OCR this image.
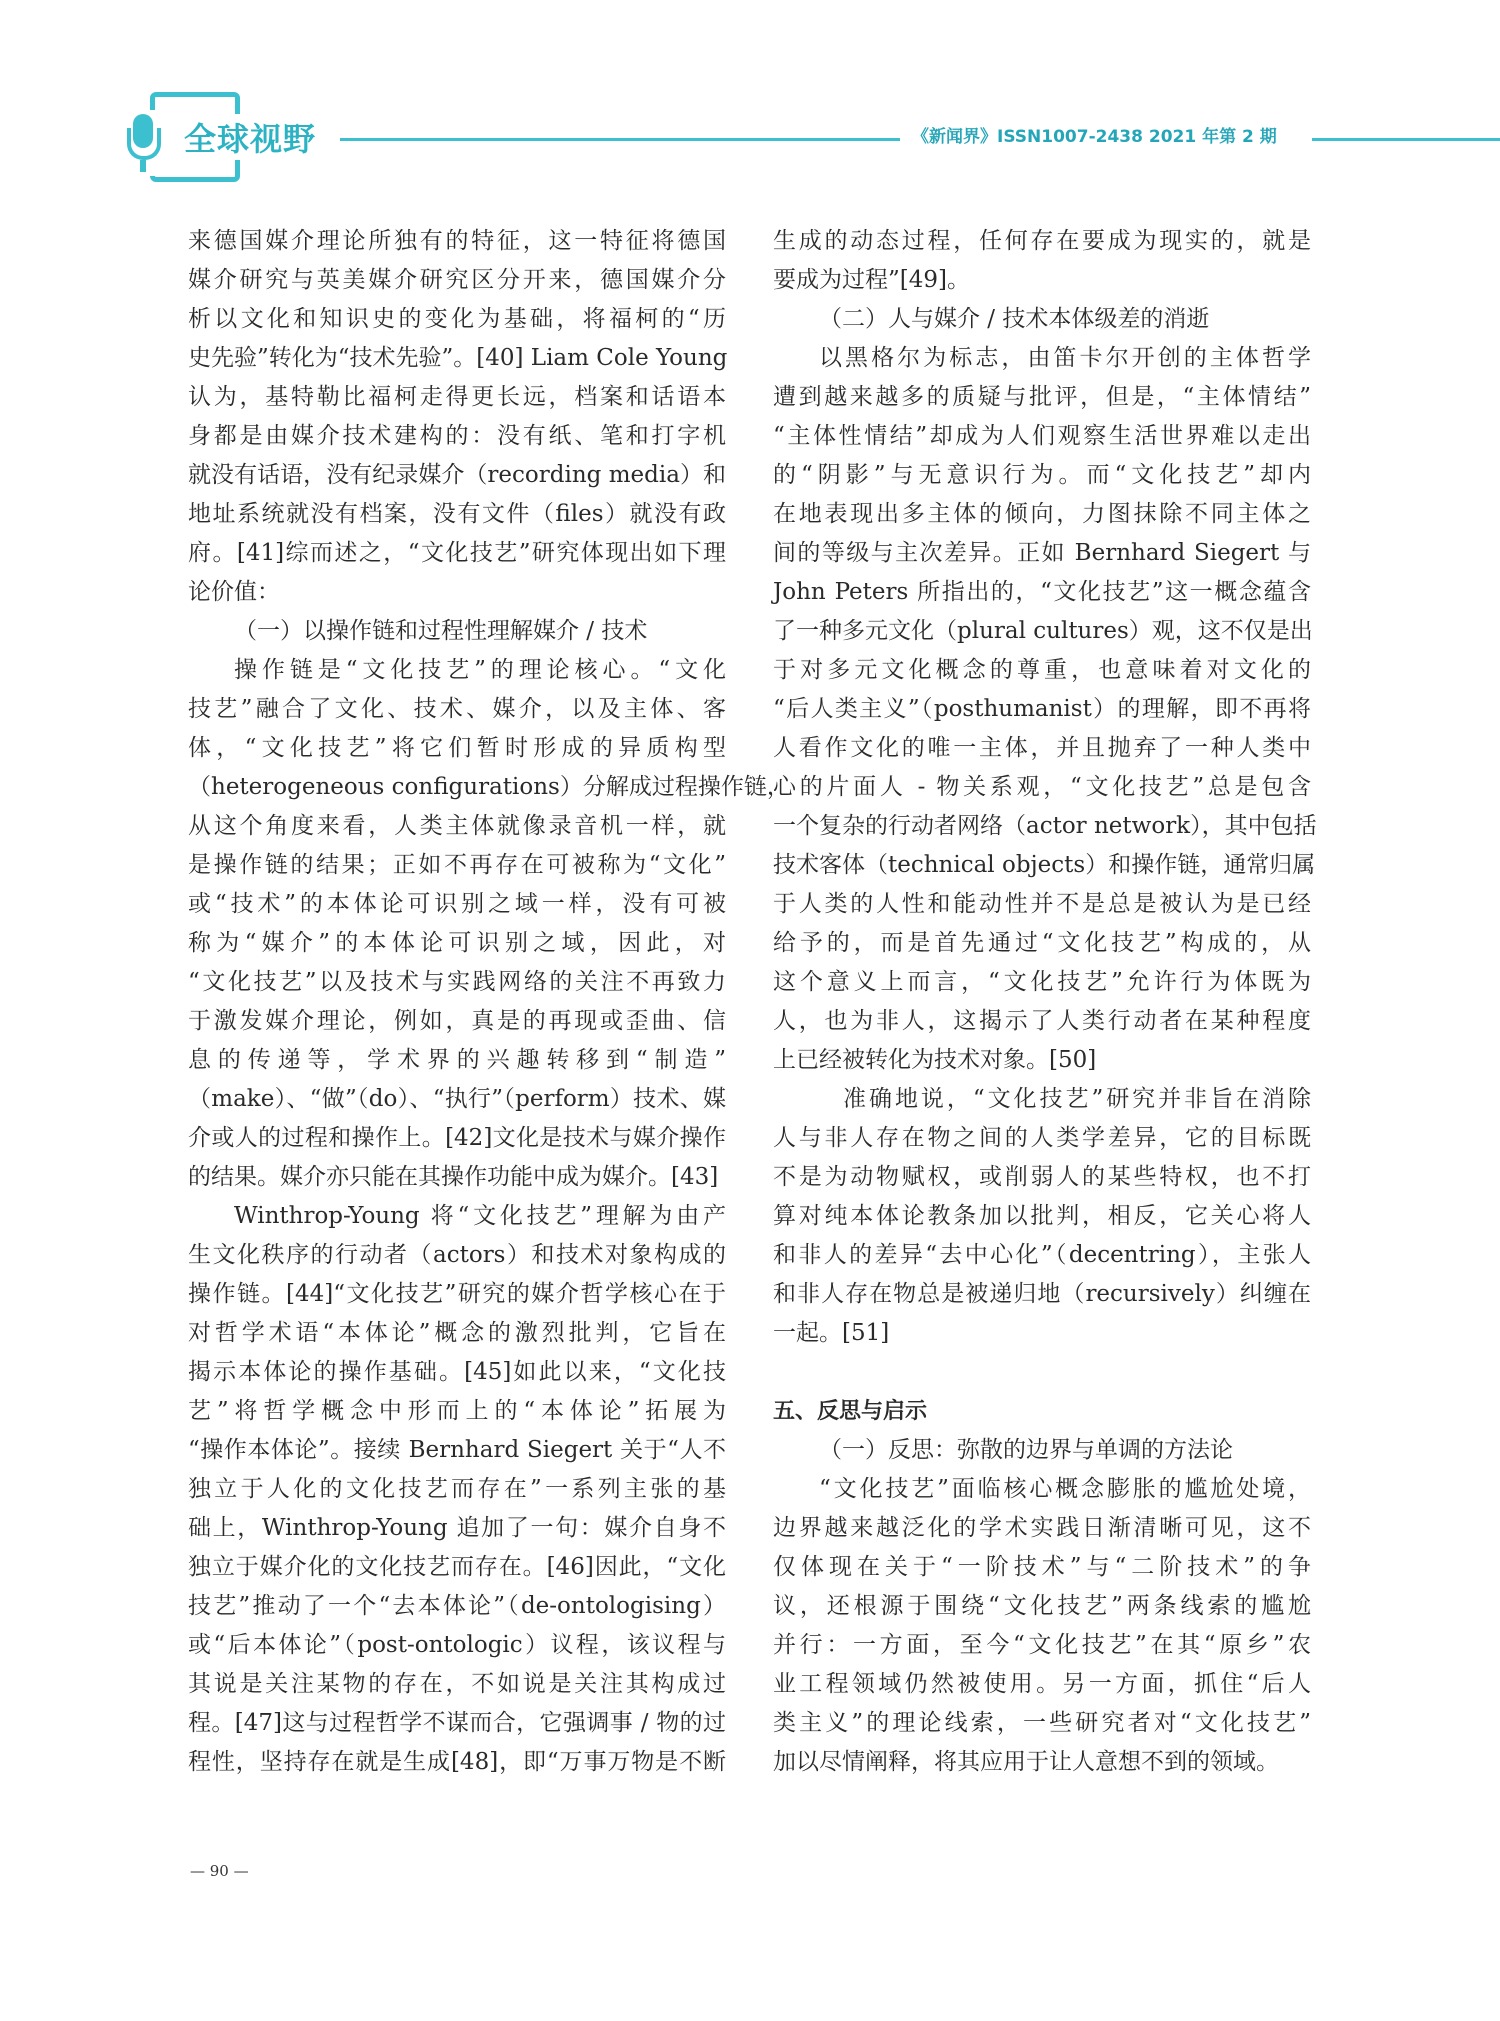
全球视野	《新闻界》ISSN1007-2438 2021 年第 2 期
来德国媒介理论所独有的特征，这一特征将德国
媒介研究与英美媒介研究区分开来，德国媒介分
析以文化和知识史的变化为基础，将福柯的“历
史先验”转化为“技术先验”。[40] Liam Cole Young
认为，基特勒比福柯走得更长远，档案和话语本
身都是由媒介技术建构的：没有纸、笔和打字机
就没有话语，没有纪录媒介（recording media）和
地址系统就没有档案，没有文件（files）就没有政
府。[41]综而述之，“文化技艺”研究体现出如下理
论价值：
（一）以操作链和过程性理解媒介 / 技术
操作链是“文化技艺”的理论核心。“文化
技艺”融合了文化、技术、媒介，以及主体、客
体，“文化技艺”将它们暂时形成的异质构型
（heterogeneous configurations）分解成过程操作链，
从这个角度来看，人类主体就像录音机一样，就
是操作链的结果；正如不再存在可被称为“文化”
或“技术”的本体论可识别之域一样，没有可被
称为“媒介”的本体论可识别之域，因此，对
“文化技艺”以及技术与实践网络的关注不再致力
于激发媒介理论，例如，真是的再现或歪曲、信
息的传递等，学术界的兴趣转移到“制造”
（make）、“做”（do）、“执行”（perform）技术、媒
介或人的过程和操作上。[42]文化是技术与媒介操作
的结果。媒介亦只能在其操作功能中成为媒介。[43]
Winthrop-Young 将“文化技艺”理解为由产
生文化秩序的行动者（actors）和技术对象构成的
操作链。[44]“文化技艺”研究的媒介哲学核心在于
对哲学术语“本体论”概念的激烈批判，它旨在
揭示本体论的操作基础。[45]如此以来，“文化技
艺”将哲学概念中形而上的“本体论”拓展为
“操作本体论”。接续 Bernhard Siegert 关于“人不
独立于人化的文化技艺而存在”一系列主张的基
础上，Winthrop-Young 追加了一句：媒介自身不
独立于媒介化的文化技艺而存在。[46]因此，“文化
技艺”推动了一个“去本体论”（de-ontologising）
或“后本体论”（post-ontologic）议程，该议程与
其说是关注某物的存在，不如说是关注其构成过
程。[47]这与过程哲学不谋而合，它强调事 / 物的过
程性，坚持存在就是生成[48]，即“万事万物是不断
生成的动态过程，任何存在要成为现实的，就是
要成为过程”[49]。
（二）人与媒介 / 技术本体级差的消逝
以黑格尔为标志，由笛卡尔开创的主体哲学
遭到越来越多的质疑与批评，但是，“主体情结”
“主体性情结”却成为人们观察生活世界难以走出
的“阴影”与无意识行为。而“文化技艺”却内
在地表现出多主体的倾向，力图抹除不同主体之
间的等级与主次差异。正如 Bernhard Siegert 与
John Peters 所指出的，“文化技艺”这一概念蕴含
了一种多元文化（plural cultures）观，这不仅是出
于对多元文化概念的尊重，也意味着对文化的
“后人类主义”（posthumanist）的理解，即不再将
人看作文化的唯一主体，并且抛弃了一种人类中
心的片面人 - 物关系观，“文化技艺”总是包含
一个复杂的行动者网络（actor network），其中包括
技术客体（technical objects）和操作链，通常归属
于人类的人性和能动性并不是总是被认为是已经
给予的，而是首先通过“文化技艺”构成的，从
这个意义上而言，“文化技艺”允许行为体既为
人，也为非人，这揭示了人类行动者在某种程度
上已经被转化为技术对象。[50]
准确地说，“文化技艺”研究并非旨在消除
人与非人存在物之间的人类学差异，它的目标既
不是为动物赋权，或削弱人的某些特权，也不打
算对纯本体论教条加以批判，相反，它关心将人
和非人的差异“去中心化”（decentring），主张人
和非人存在物总是被递归地（recursively）纠缠在
一起。[51]
五、反思与启示
（一）反思：弥散的边界与单调的方法论
“文化技艺”面临核心概念膨胀的尴尬处境，
边界越来越泛化的学术实践日渐清晰可见，这不
仅体现在关于“一阶技术”与“二阶技术”的争
议，还根源于围绕“文化技艺”两条线索的尴尬
并行：一方面，至今“文化技艺”在其“原乡”农
业工程领域仍然被使用。另一方面，抓住“后人
类主义”的理论线索，一些研究者对“文化技艺”
加以尽情阐释，将其应用于让人意想不到的领域。
— 90 —
